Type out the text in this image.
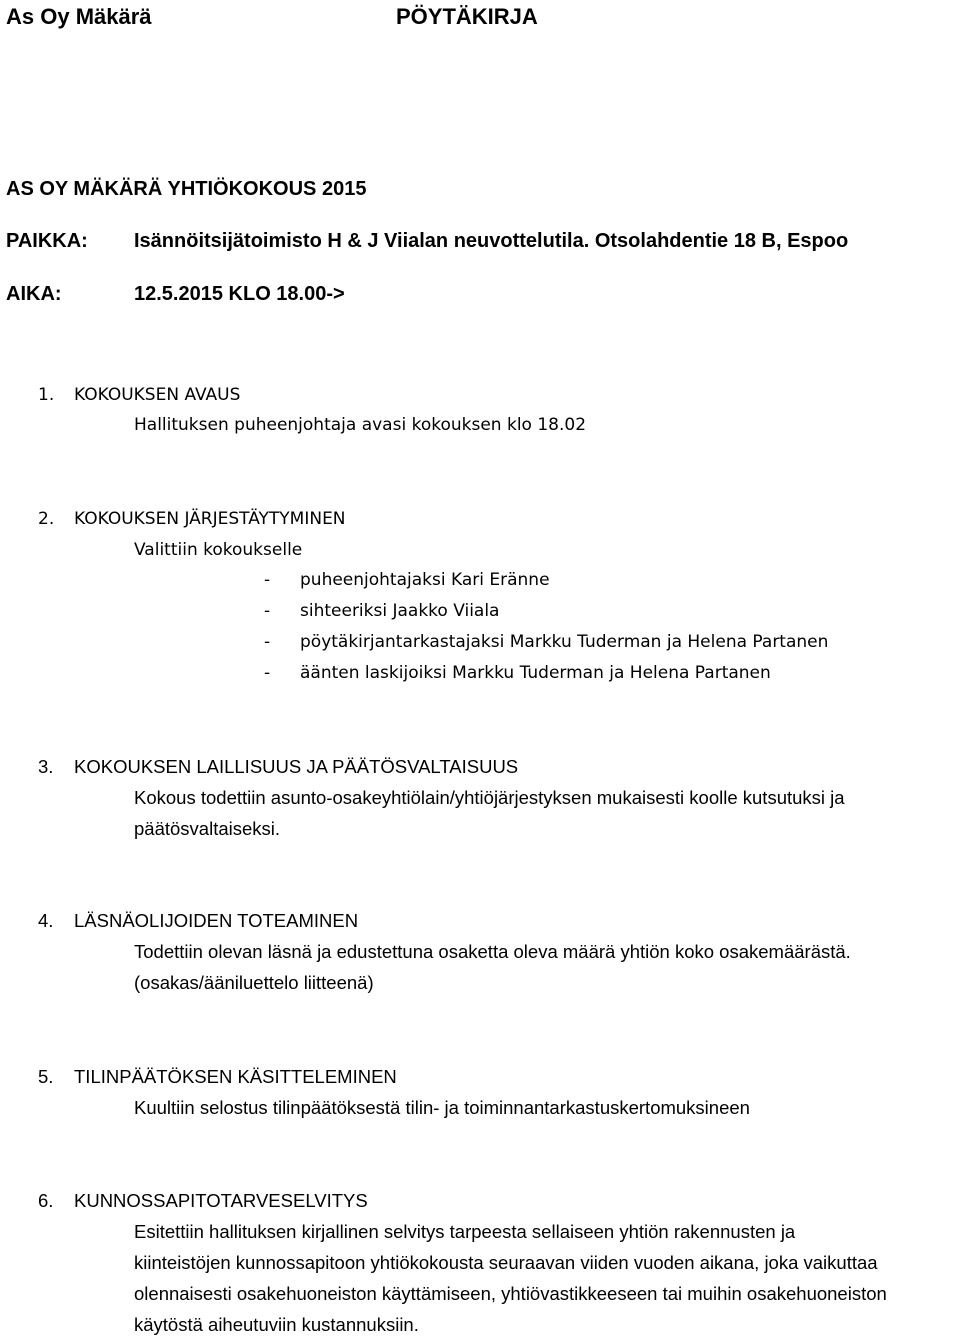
As Oy Mäkärä	PÖYTÄKIRJA
AS OY MÄKÄRÄ YHTIÖKOKOUS 2015
PAIKKA: Isännöitsijätoimisto H & J Viialan neuvottelutila. Otsolahdentie 18 B, Espoo
AIKA:	12.5.2015 KLO 18.00->
1. KOKOUKSEN AVAUS
Hallituksen puheenjohtaja avasi kokouksen klo 18.02
2. KOKOUKSEN JÄRJESTÄYTYMINEN
Valittiin kokoukselle
- puheenjohtajaksi Kari Eränne
- sihteeriksi Jaakko Viiala
- pöytäkirjantarkastajaksi Markku Tuderman ja Helena Partanen
- äänten laskijoiksi Markku Tuderman ja Helena Partanen
3. KOKOUKSEN LAILLISUUS JA PÄÄTÖSVALTAISUUS
Kokous todettiin asunto-osakeyhtiölain/yhtiöjärjestyksen mukaisesti koolle kutsutuksi ja
päätösvaltaiseksi.
4. LÄSNÄOLIJOIDEN TOTEAMINEN
Todettiin olevan läsnä ja edustettuna osaketta oleva määrä yhtiön koko osakemäärästä.
(osakas/ääniluettelo liitteenä)
5. TILINPÄÄTÖKSEN KÄSITTELEMINEN
Kuultiin selostus tilinpäätöksestä tilin- ja toiminnantarkastuskertomuksineen
6. KUNNOSSAPITOTARVESELVITYS
Esitettiin hallituksen kirjallinen selvitys tarpeesta sellaiseen yhtiön rakennusten ja
kiinteistöjen kunnossapitoon yhtiökokousta seuraavan viiden vuoden aikana, joka vaikuttaa
olennaisesti osakehuoneiston käyttämiseen, yhtiövastikkeeseen tai muihin osakehuoneiston
käytöstä aiheutuviin kustannuksiin.
